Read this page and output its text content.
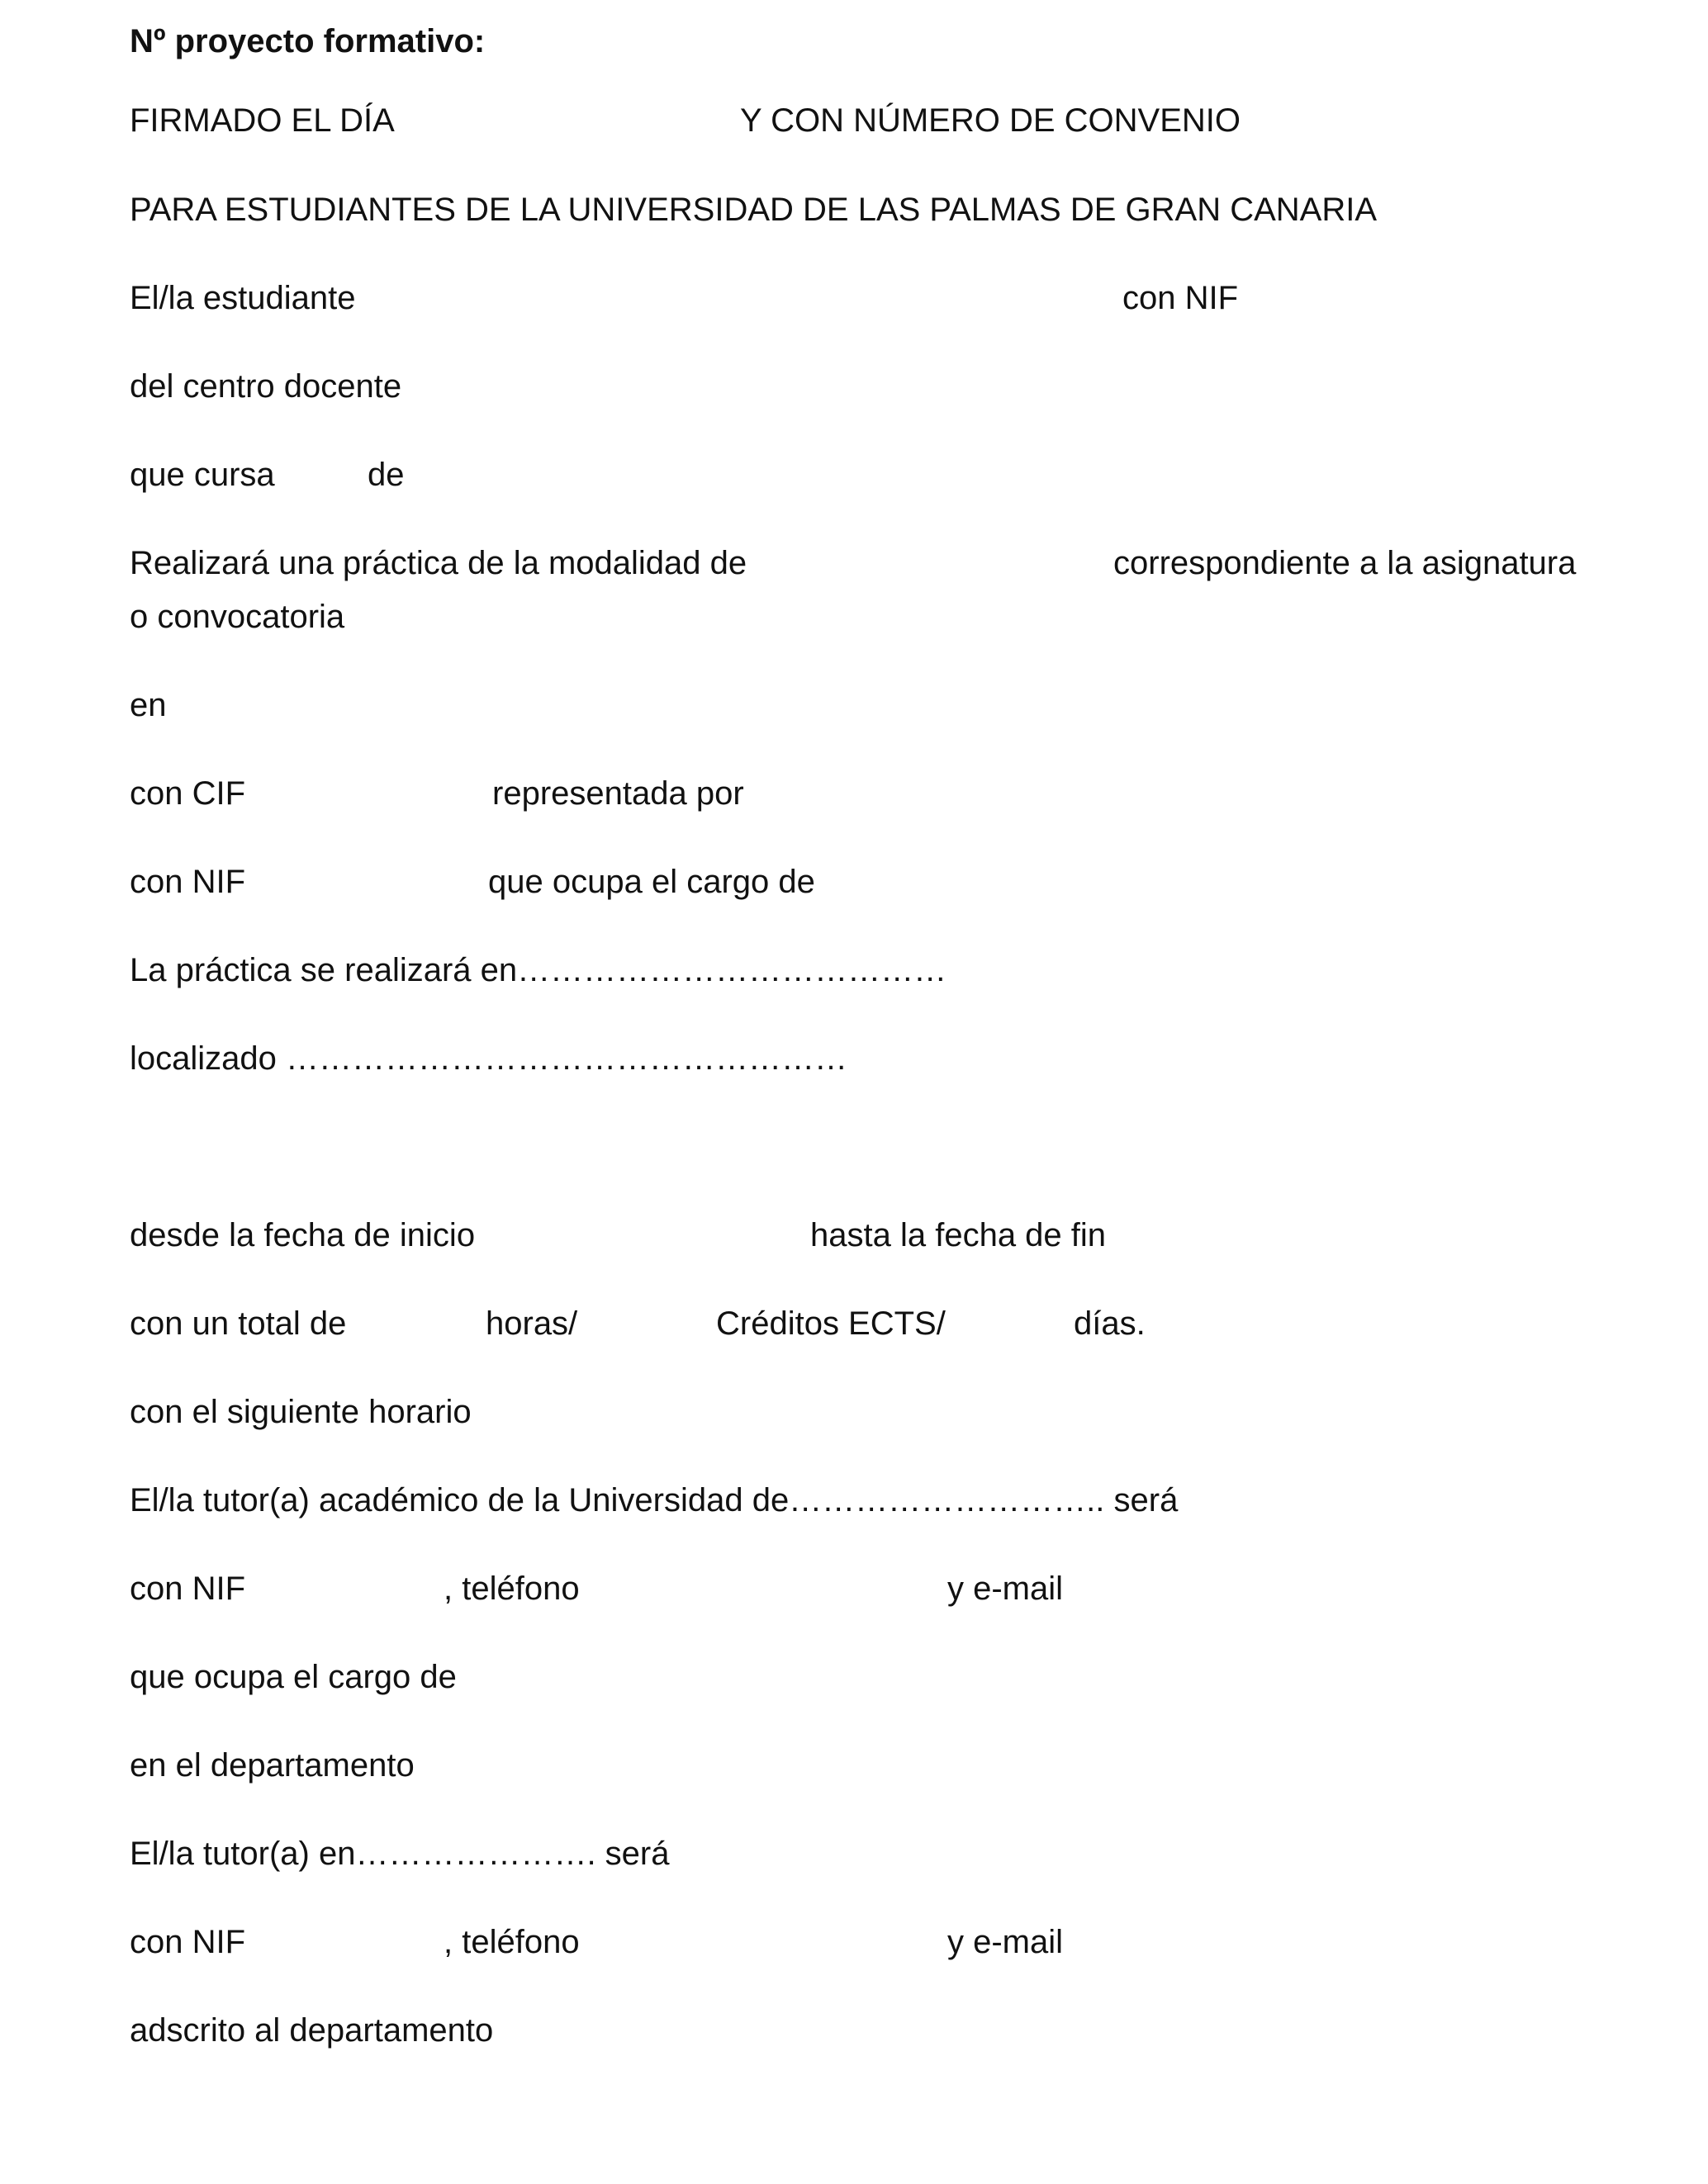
Nº proyecto formativo:
FIRMADO EL DÍA	Y CON NÚMERO DE CONVENIO
PARA ESTUDIANTES DE LA UNIVERSIDAD DE LAS PALMAS DE GRAN CANARIA
El/la estudiante	con NIF
del centro docente
que cursa	de
Realizará una práctica de la modalidad de	correspondiente a la asignatura
o convocatoria
en
con CIF	representada por
con NIF	que ocupa el cargo de
La práctica se realizará en…………………………………
localizado ……………………………………………
desde la fecha de inicio	hasta la fecha de fin
con un total de	horas/	Créditos ECTS/	días.
con el siguiente horario
El/la tutor(a) académico de la Universidad de……………………….. será
con NIF	, teléfono	y e-mail
que ocupa el cargo de
en el departamento
El/la tutor(a) en…………………. será
con NIF	, teléfono	y e-mail
adscrito al departamento
